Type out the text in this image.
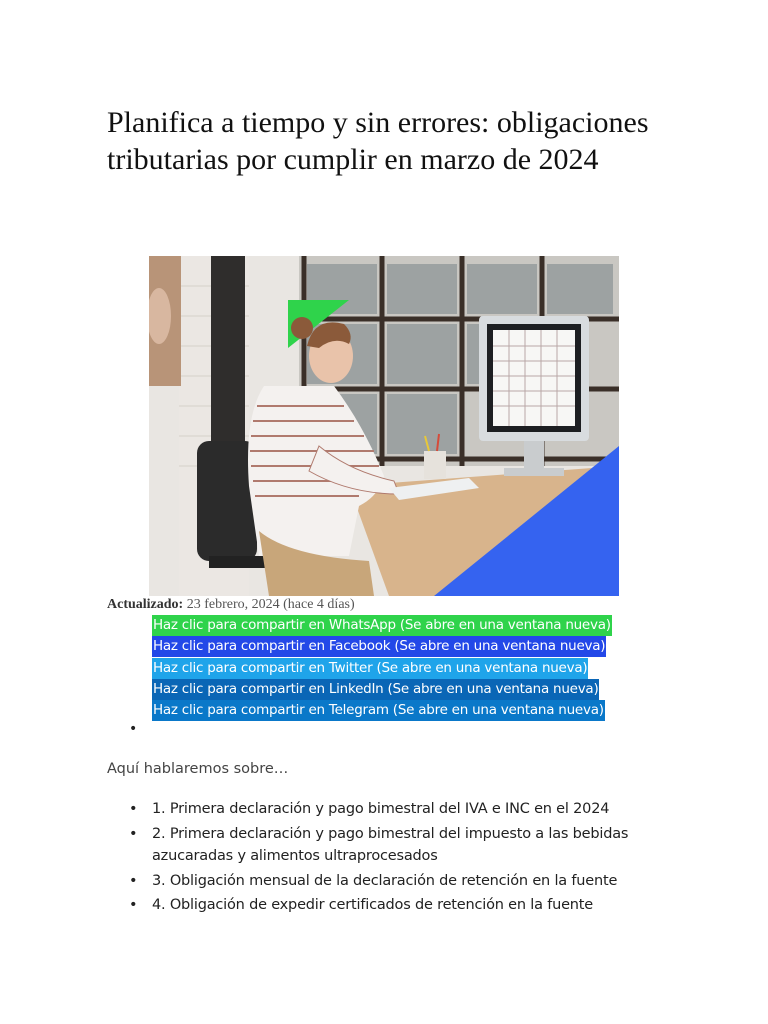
Planifica a tiempo y sin errores: obligaciones tributarias por cumplir en marzo de 2024

Actualizado: 23 febrero, 2024 (hace 4 días)

Haz clic para compartir en WhatsApp (Se abre en una ventana nueva)
Haz clic para compartir en Facebook (Se abre en una ventana nueva)
Haz clic para compartir en Twitter (Se abre en una ventana nueva)
Haz clic para compartir en LinkedIn (Se abre en una ventana nueva)
Haz clic para compartir en Telegram (Se abre en una ventana nueva)
•

Aquí hablaremos sobre…

• 1. Primera declaración y pago bimestral del IVA e INC en el 2024
• 2. Primera declaración y pago bimestral del impuesto a las bebidas azucaradas y alimentos ultraprocesados
• 3. Obligación mensual de la declaración de retención en la fuente
• 4. Obligación de expedir certificados de retención en la fuente
